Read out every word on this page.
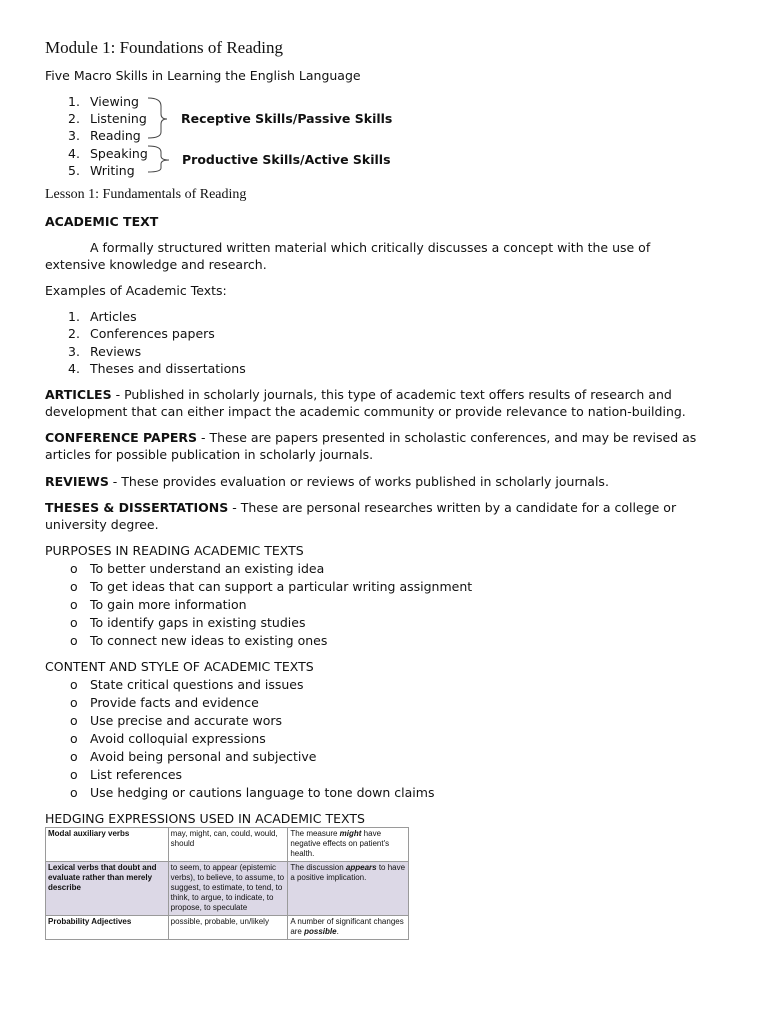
Module 1: Foundations of Reading
Five Macro Skills in Learning the English Language
1. Viewing
2. Listening
3. Reading
4. Speaking
5. Writing
Receptive Skills/Passive Skills
Productive Skills/Active Skills
Lesson 1: Fundamentals of Reading
ACADEMIC TEXT
A formally structured written material which critically discusses a concept with the use of extensive knowledge and research.
Examples of Academic Texts:
1. Articles
2. Conferences papers
3. Reviews
4. Theses and dissertations
ARTICLES - Published in scholarly journals, this type of academic text offers results of research and development that can either impact the academic community or provide relevance to nation-building.
CONFERENCE PAPERS - These are papers presented in scholastic conferences, and may be revised as articles for possible publication in scholarly journals.
REVIEWS - These provides evaluation or reviews of works published in scholarly journals.
THESES & DISSERTATIONS - These are personal researches written by a candidate for a college or university degree.
PURPOSES IN READING ACADEMIC TEXTS
o To better understand an existing idea
o To get ideas that can support a particular writing assignment
o To gain more information
o To identify gaps in existing studies
o To connect new ideas to existing ones
CONTENT AND STYLE OF ACADEMIC TEXTS
o State critical questions and issues
o Provide facts and evidence
o Use precise and accurate wors
o Avoid colloquial expressions
o Avoid being personal and subjective
o List references
o Use hedging or cautions language to tone down claims
HEDGING EXPRESSIONS USED IN ACADEMIC TEXTS
Modal auxiliary verbs	may, might, can, could, would, should	The measure might have negative effects on patient's health.
Lexical verbs that doubt and evaluate rather than merely describe	to seem, to appear (epistemic verbs), to believe, to assume, to suggest, to estimate, to tend, to think, to argue, to indicate, to propose, to speculate	The discussion appears to have a positive implication.
Probability Adjectives	possible, probable, un/likely	A number of significant changes are possible.
